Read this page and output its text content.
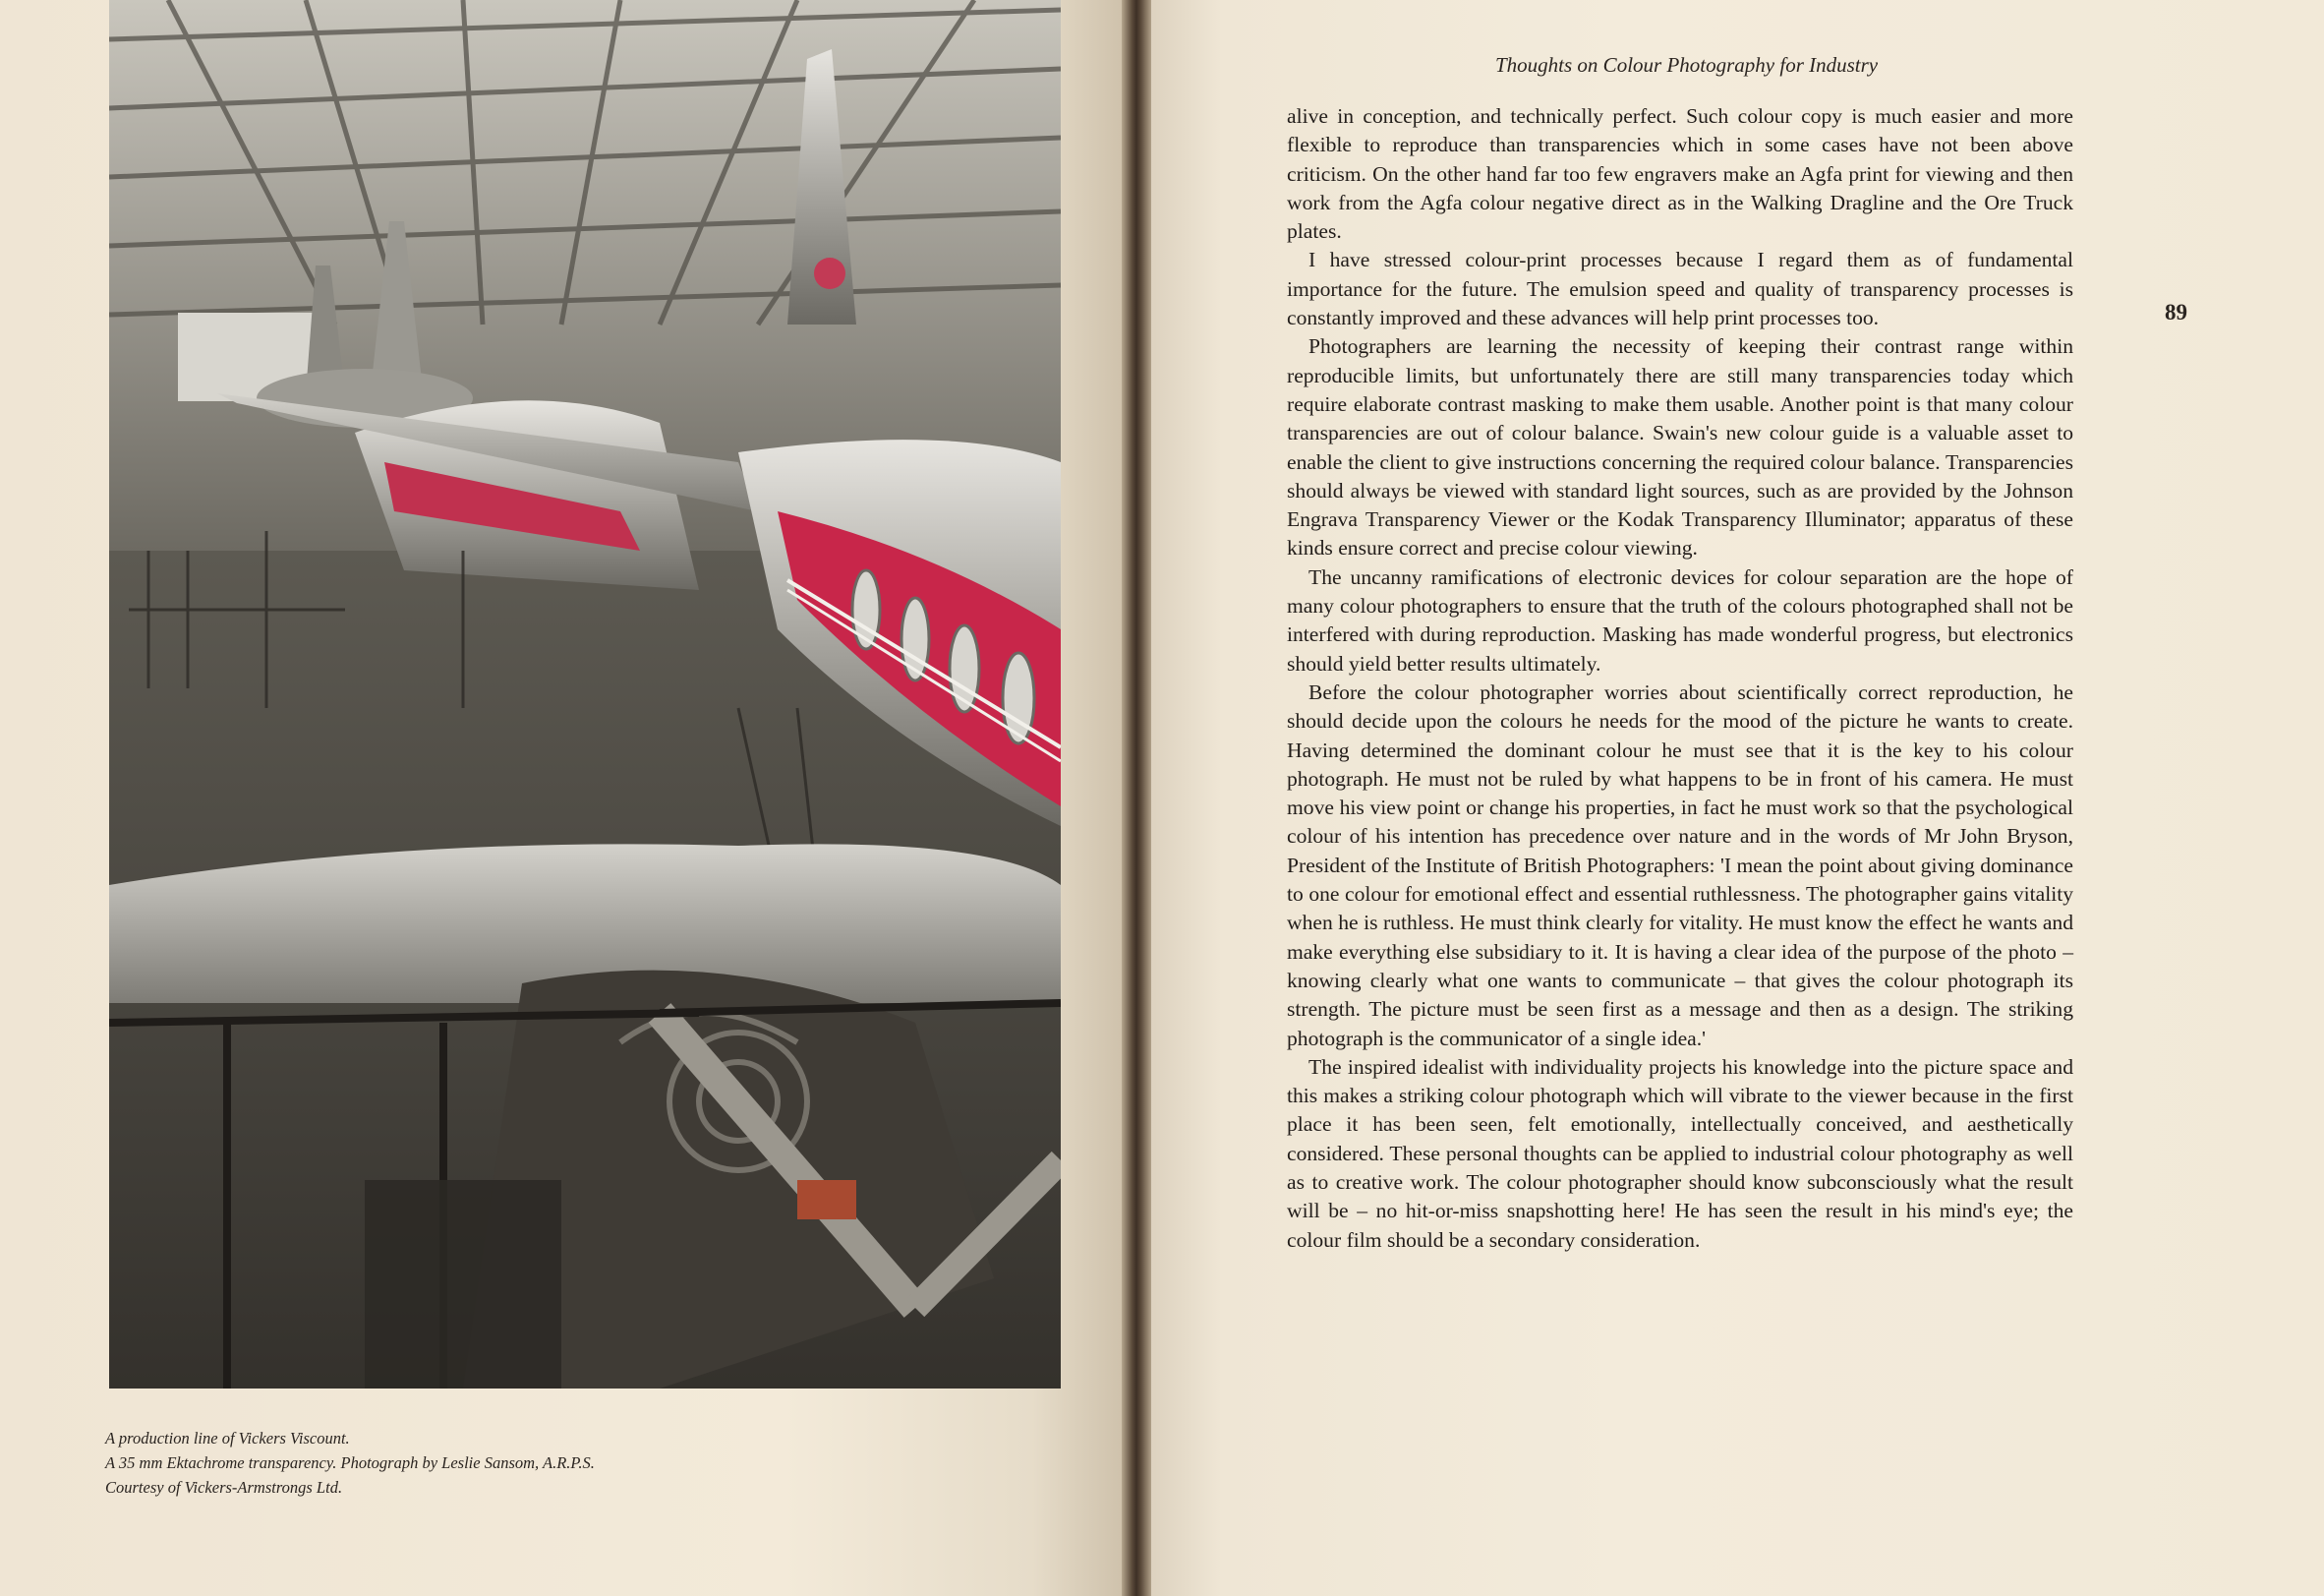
A production line of Vickers Viscount.
A 35 mm Ektachrome transparency. Photograph by Leslie Sansom, A.R.P.S.
Courtesy of Vickers-Armstrongs Ltd.
Thoughts on Colour Photography for Industry
89

alive in conception, and technically perfect. Such colour copy is much easier and more flexible to reproduce than transparencies which in some cases have not been above criticism. On the other hand far too few engravers make an Agfa print for viewing and then work from the Agfa colour negative direct as in the Walking Dragline and the Ore Truck plates.

I have stressed colour-print processes because I regard them as of fundamental importance for the future. The emulsion speed and quality of transparency processes is constantly improved and these advances will help print processes too.

Photographers are learning the necessity of keeping their contrast range within reproducible limits, but unfortunately there are still many transparencies today which require elaborate contrast masking to make them usable. Another point is that many colour transparencies are out of colour balance. Swain's new colour guide is a valuable asset to enable the client to give instructions concerning the required colour balance. Transparencies should always be viewed with standard light sources, such as are provided by the Johnson Engrava Transparency Viewer or the Kodak Transparency Illuminator; apparatus of these kinds ensure correct and precise colour viewing.

The uncanny ramifications of electronic devices for colour separation are the hope of many colour photographers to ensure that the truth of the colours photographed shall not be interfered with during reproduction. Masking has made wonderful progress, but electronics should yield better results ultimately.

Before the colour photographer worries about scientifically correct reproduction, he should decide upon the colours he needs for the mood of the picture he wants to create. Having determined the dominant colour he must see that it is the key to his colour photograph. He must not be ruled by what happens to be in front of his camera. He must move his view point or change his properties, in fact he must work so that the psychological colour of his intention has precedence over nature and in the words of Mr John Bryson, President of the Institute of British Photographers: 'I mean the point about giving dominance to one colour for emotional effect and essential ruthlessness. The photographer gains vitality when he is ruthless. He must think clearly for vitality. He must know the effect he wants and make everything else subsidiary to it. It is having a clear idea of the purpose of the photo – knowing clearly what one wants to communicate – that gives the colour photograph its strength. The picture must be seen first as a message and then as a design. The striking photograph is the communicator of a single idea.'

The inspired idealist with individuality projects his knowledge into the picture space and this makes a striking colour photograph which will vibrate to the viewer because in the first place it has been seen, felt emotionally, intellectually conceived, and aesthetically considered. These personal thoughts can be applied to industrial colour photography as well as to creative work. The colour photographer should know subconsciously what the result will be – no hit-or-miss snapshotting here! He has seen the result in his mind's eye; the colour film should be a secondary consideration.
